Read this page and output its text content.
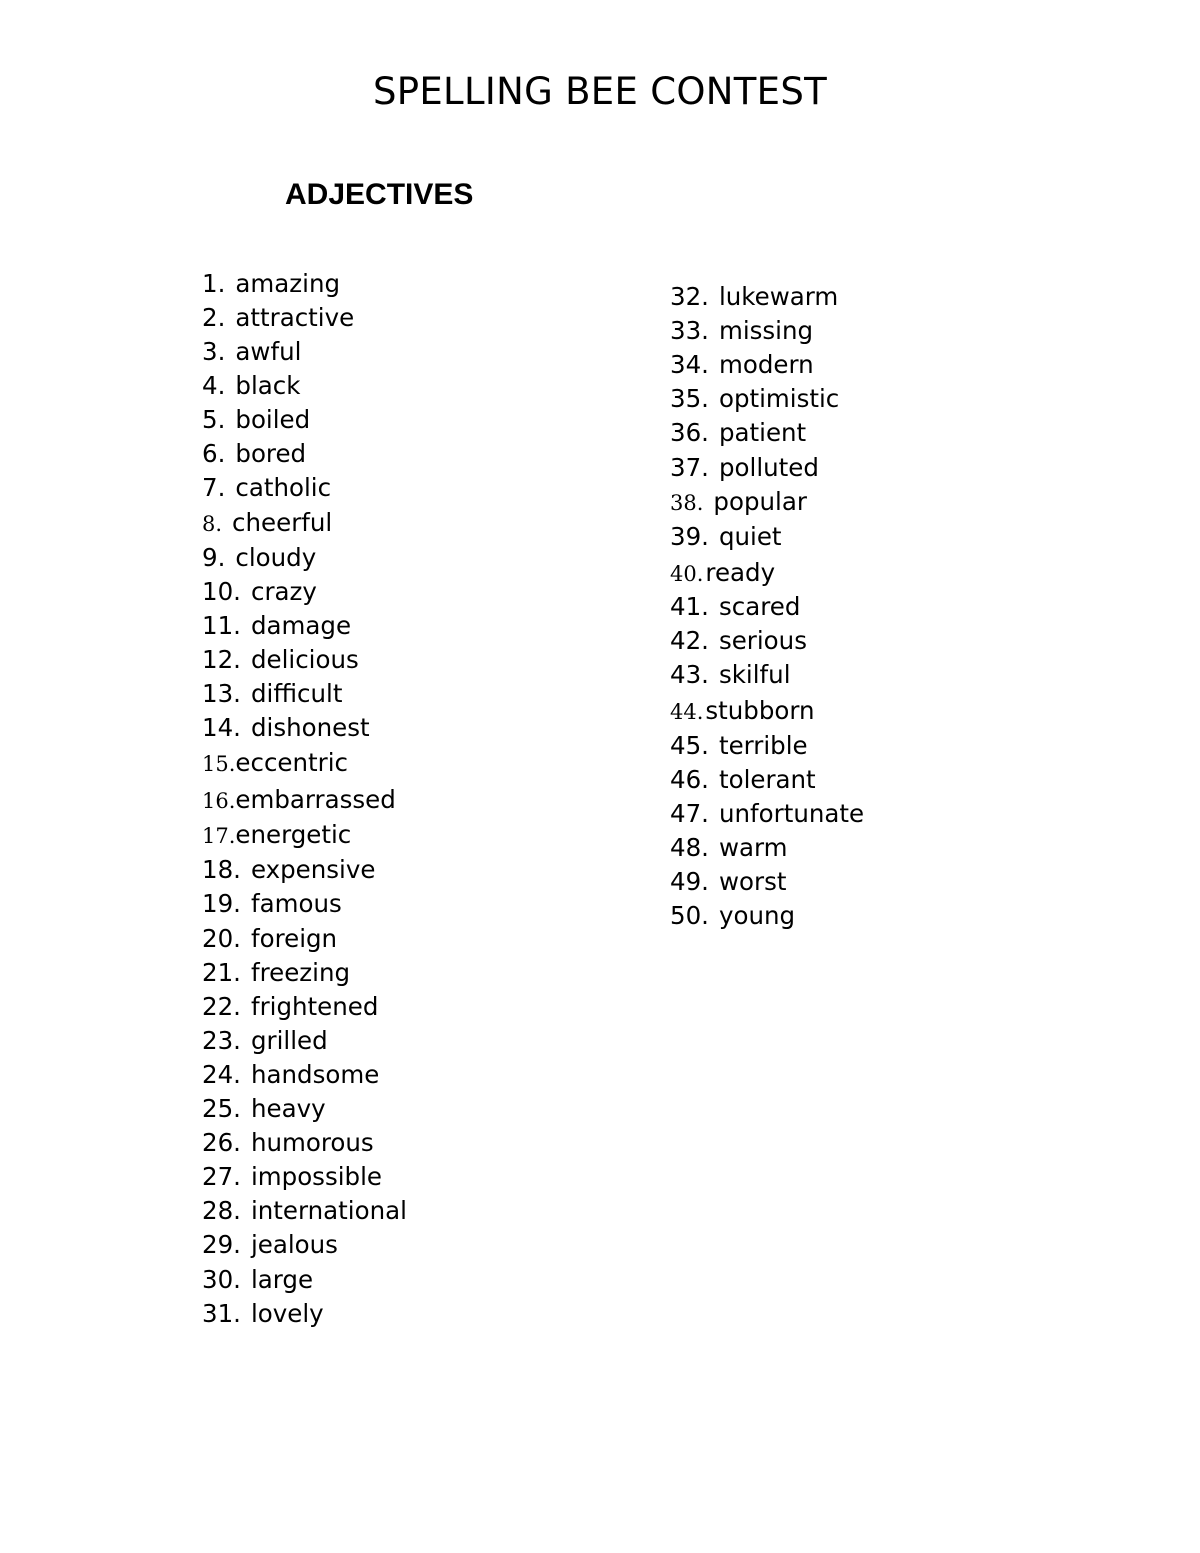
SPELLING BEE CONTEST
ADJECTIVES
1. amazing
2. attractive
3. awful
4. black
5. boiled
6. bored
7. catholic
8. cheerful
9. cloudy
10. crazy
11. damage
12. delicious
13. difficult
14. dishonest
15.eccentric
16.embarrassed
17.energetic
18. expensive
19. famous
20. foreign
21. freezing
22. frightened
23. grilled
24. handsome
25. heavy
26. humorous
27. impossible
28. international
29. jealous
30. large
31. lovely
32. lukewarm
33. missing
34. modern
35. optimistic
36. patient
37. polluted
38. popular
39. quiet
40.ready
41. scared
42. serious
43. skilful
44.stubborn
45. terrible
46. tolerant
47. unfortunate
48. warm
49. worst
50. young
